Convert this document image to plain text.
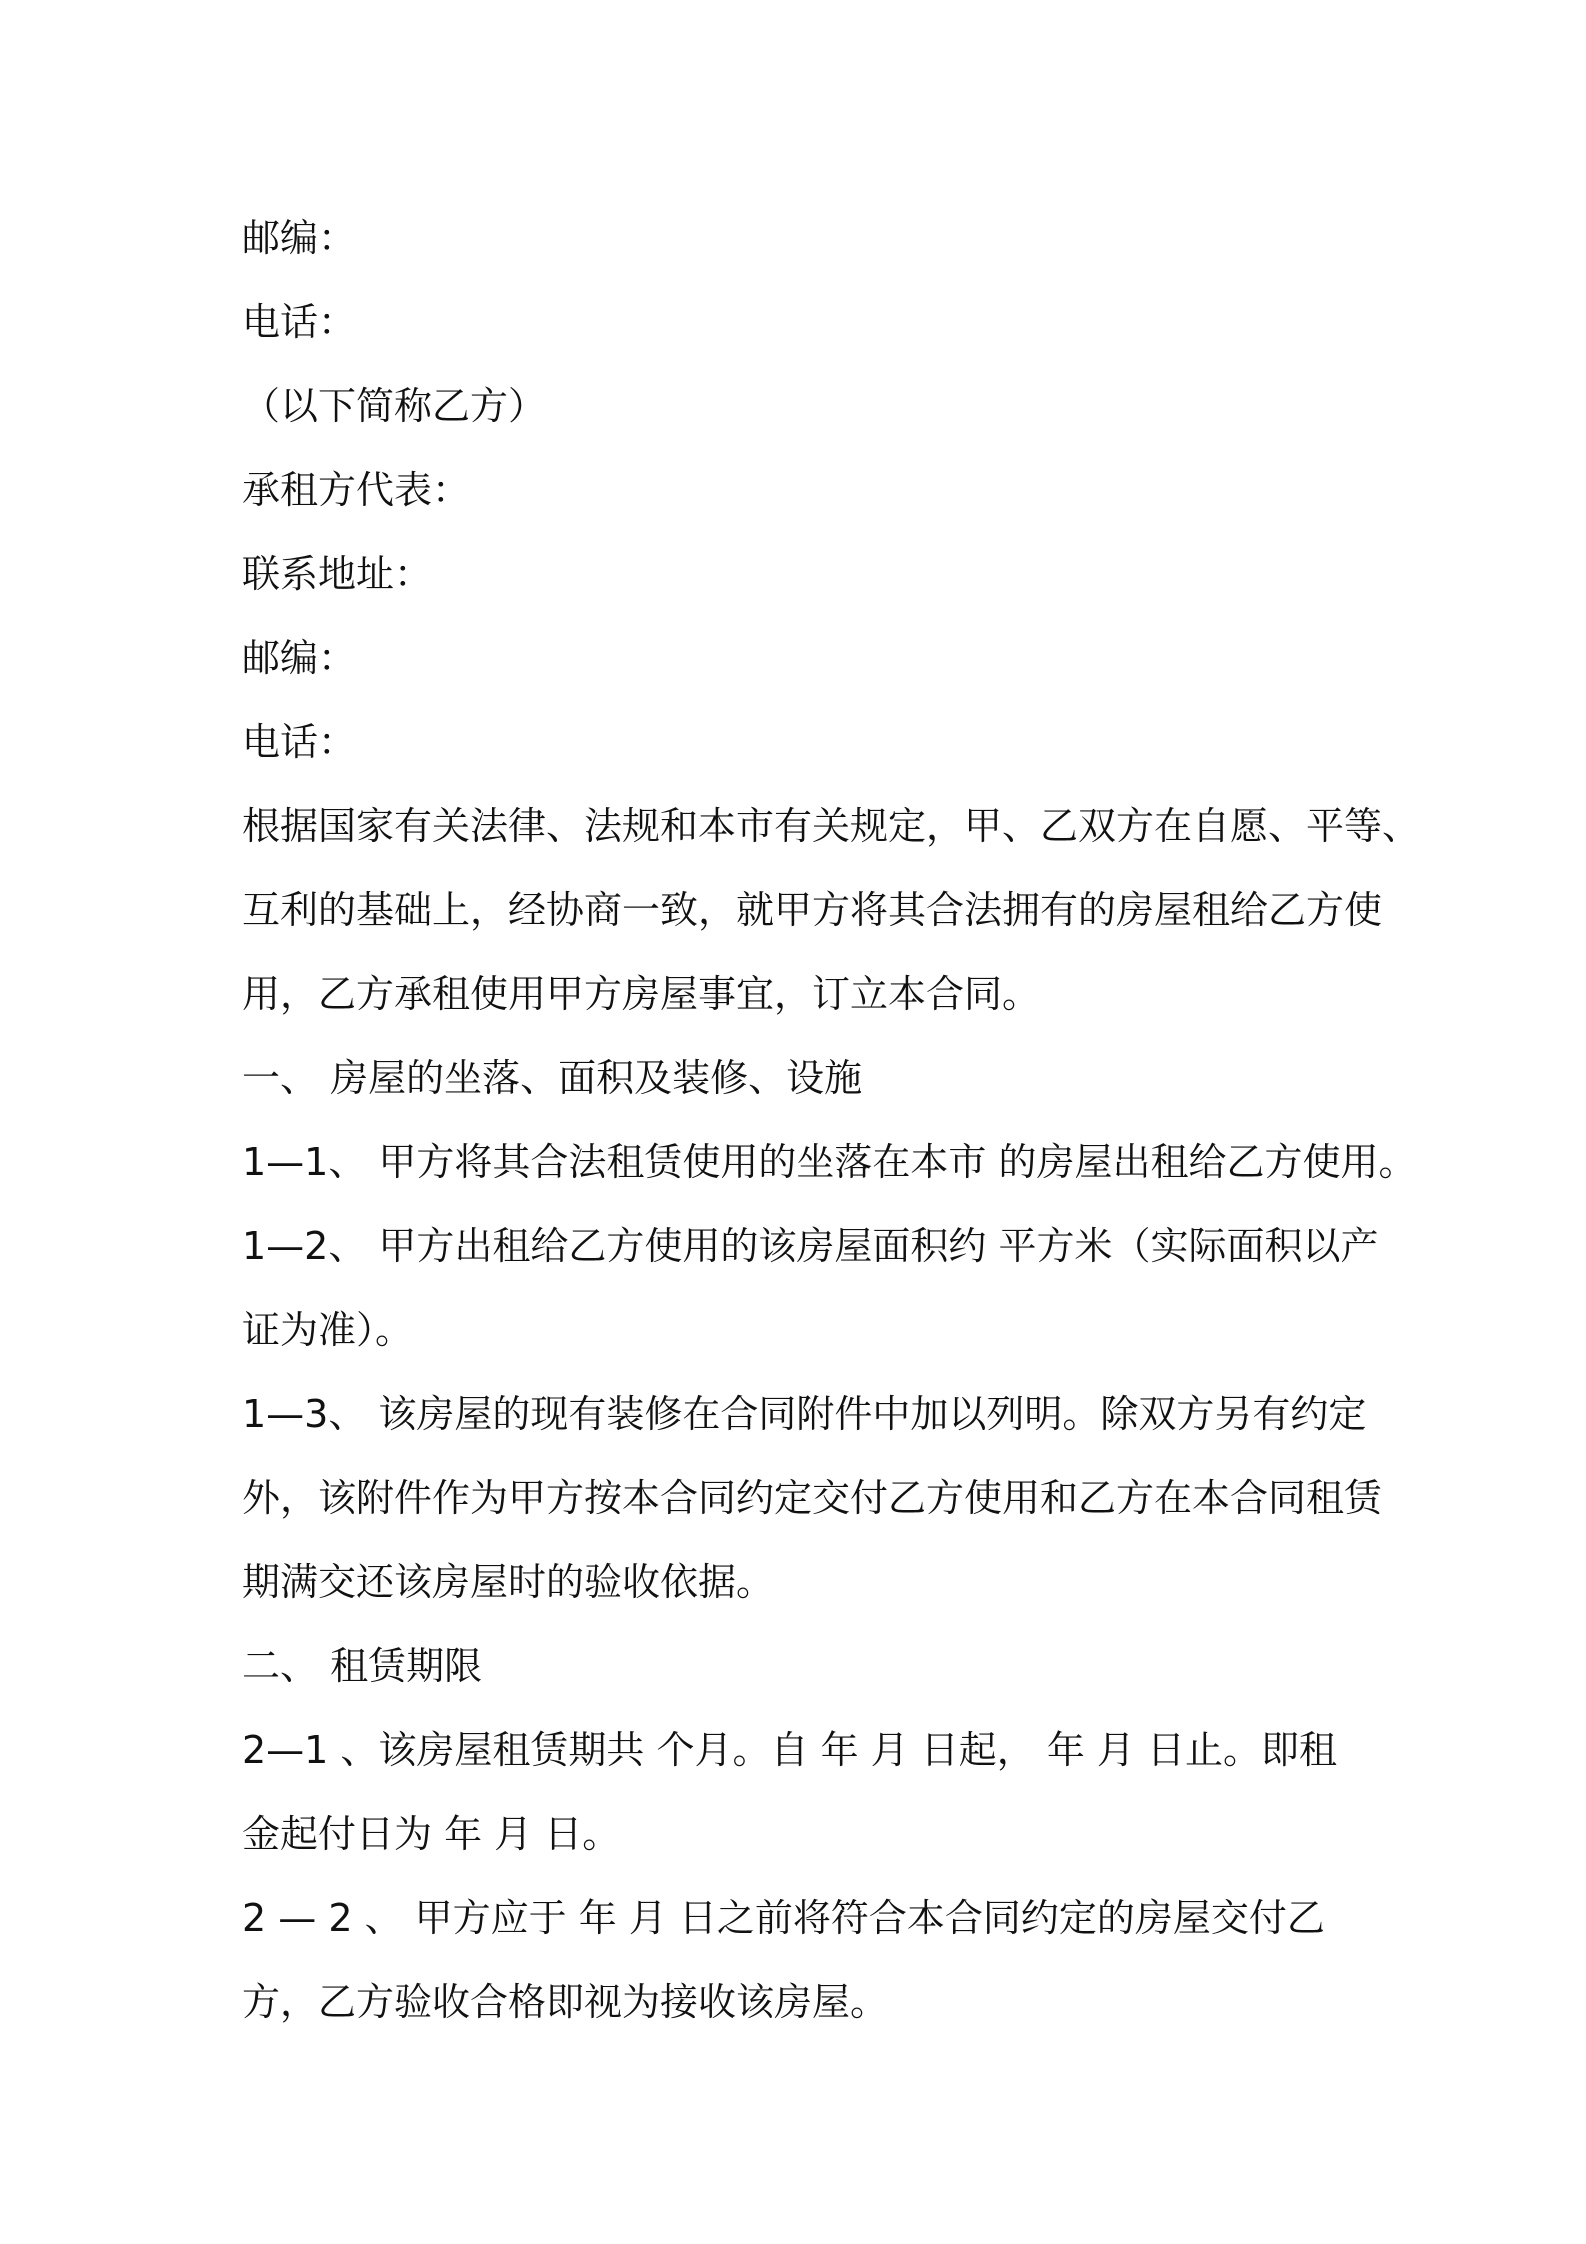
邮编：
电话：
（以下简称乙方）
承租方代表：
联系地址：
邮编：
电话：
根据国家有关法律、法规和本市有关规定，甲、乙双方在自愿、平等、
互利的基础上，经协商一致，就甲方将其合法拥有的房屋租给乙方使
用，乙方承租使用甲方房屋事宜，订立本合同。
一、 房屋的坐落、面积及装修、设施
1—1、 甲方将其合法租赁使用的坐落在本市 的房屋出租给乙方使用。
1—2、 甲方出租给乙方使用的该房屋面积约 平方米（实际面积以产
证为准）。
1—3、 该房屋的现有装修在合同附件中加以列明。除双方另有约定
外，该附件作为甲方按本合同约定交付乙方使用和乙方在本合同租赁
期满交还该房屋时的验收依据。
二、 租赁期限
2—1 、该房屋租赁期共 个月。自 年 月 日起， 年 月 日止。即租
金起付日为 年 月 日。
2 — 2 、 甲方应于 年 月 日之前将符合本合同约定的房屋交付乙
方，乙方验收合格即视为接收该房屋。
